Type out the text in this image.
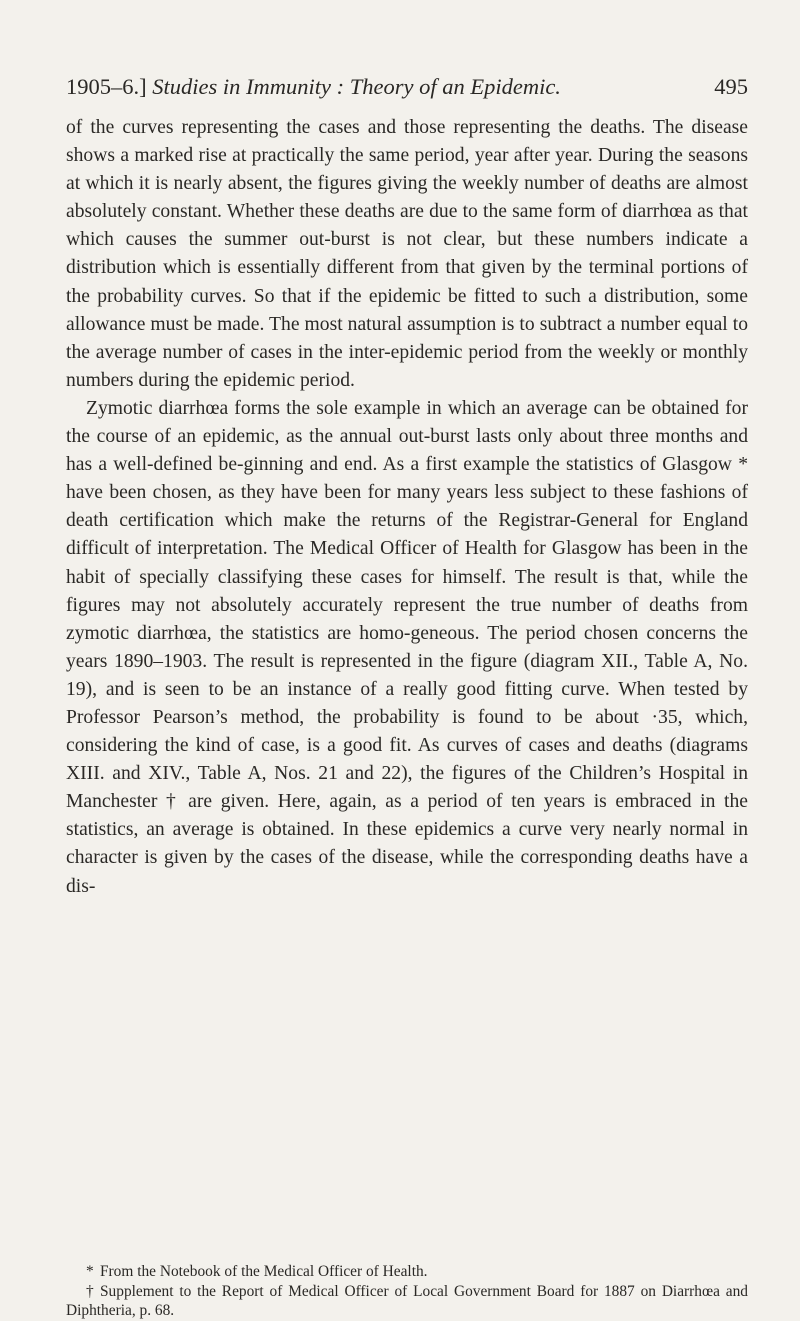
1905–6.] Studies in Immunity : Theory of an Epidemic.	495

of the curves representing the cases and those representing the deaths. The disease shows a marked rise at practically the same period, year after year. During the seasons at which it is nearly absent, the figures giving the weekly number of deaths are almost absolutely constant. Whether these deaths are due to the same form of diarrhœa as that which causes the summer out-burst is not clear, but these numbers indicate a distribution which is essentially different from that given by the terminal portions of the probability curves. So that if the epidemic be fitted to such a distribution, some allowance must be made. The most natural assumption is to subtract a number equal to the average number of cases in the inter-epidemic period from the weekly or monthly numbers during the epidemic period.

Zymotic diarrhœa forms the sole example in which an average can be obtained for the course of an epidemic, as the annual out-burst lasts only about three months and has a well-defined be-ginning and end. As a first example the statistics of Glasgow * have been chosen, as they have been for many years less subject to these fashions of death certification which make the returns of the Registrar-General for England difficult of interpretation. The Medical Officer of Health for Glasgow has been in the habit of specially classifying these cases for himself. The result is that, while the figures may not absolutely accurately represent the true number of deaths from zymotic diarrhœa, the statistics are homo-geneous. The period chosen concerns the years 1890–1903. The result is represented in the figure (diagram XII., Table A, No. 19), and is seen to be an instance of a really good fitting curve. When tested by Professor Pearson’s method, the probability is found to be about ·35, which, considering the kind of case, is a good fit. As curves of cases and deaths (diagrams XIII. and XIV., Table A, Nos. 21 and 22), the figures of the Children’s Hospital in Manchester † are given. Here, again, as a period of ten years is embraced in the statistics, an average is obtained. In these epidemics a curve very nearly normal in character is given by the cases of the disease, while the corresponding deaths have a dis-

* From the Notebook of the Medical Officer of Health.

† Supplement to the Report of Medical Officer of Local Government Board for 1887 on Diarrhœa and Diphtheria, p. 68.
